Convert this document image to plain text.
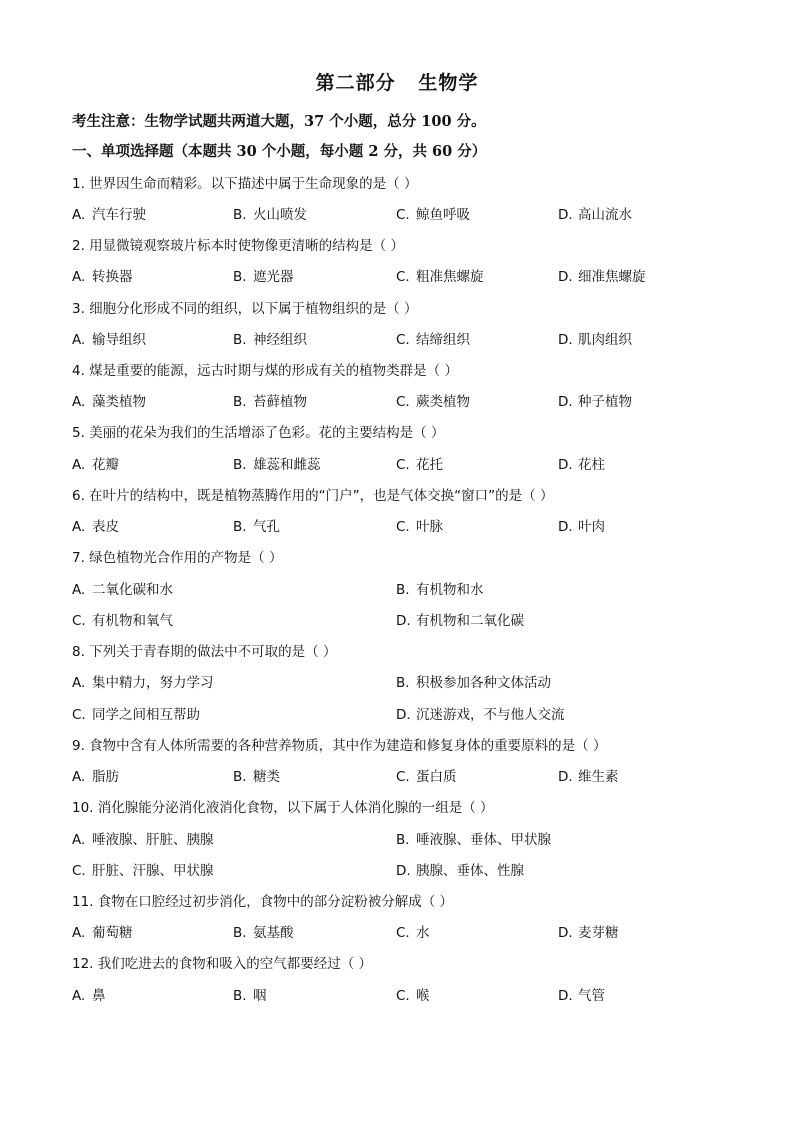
第二部分   生物学
考生注意：生物学试题共两道大题，37 个小题，总分 100 分。
一、单项选择题（本题共 30 个小题，每小题 2 分，共 60 分）
1. 世界因生命而精彩。以下描述中属于生命现象的是（ ）
A. 汽车行驶	B. 火山喷发	C. 鲸鱼呼吸	D. 高山流水
2. 用显微镜观察玻片标本时使物像更清晰的结构是（ ）
A. 转换器	B. 遮光器	C. 粗准焦螺旋	D. 细准焦螺旋
3. 细胞分化形成不同的组织，以下属于植物组织的是（ ）
A. 输导组织	B. 神经组织	C. 结缔组织	D. 肌肉组织
4. 煤是重要的能源，远古时期与煤的形成有关的植物类群是（ ）
A. 藻类植物	B. 苔藓植物	C. 蕨类植物	D. 种子植物
5. 美丽的花朵为我们的生活增添了色彩。花的主要结构是（ ）
A. 花瓣	B. 雄蕊和雌蕊	C. 花托	D. 花柱
6. 在叶片的结构中，既是植物蒸腾作用的“门户”，也是气体交换“窗口”的是（ ）
A. 表皮	B. 气孔	C. 叶脉	D. 叶肉
7. 绿色植物光合作用的产物是（ ）
A. 二氧化碳和水	B. 有机物和水
C. 有机物和氧气	D. 有机物和二氧化碳
8. 下列关于青春期的做法中不可取的是（ ）
A. 集中精力，努力学习	B. 积极参加各种文体活动
C. 同学之间相互帮助	D. 沉迷游戏，不与他人交流
9. 食物中含有人体所需要的各种营养物质，其中作为建造和修复身体的重要原料的是（ ）
A. 脂肪	B. 糖类	C. 蛋白质	D. 维生素
10. 消化腺能分泌消化液消化食物，以下属于人体消化腺的一组是（ ）
A. 唾液腺、肝脏、胰腺	B. 唾液腺、垂体、甲状腺
C. 肝脏、汗腺、甲状腺	D. 胰腺、垂体、性腺
11. 食物在口腔经过初步消化，食物中的部分淀粉被分解成（ ）
A. 葡萄糖	B. 氨基酸	C. 水	D. 麦芽糖
12. 我们吃进去的食物和吸入的空气都要经过（ ）
A. 鼻	B. 咽	C. 喉	D. 气管
